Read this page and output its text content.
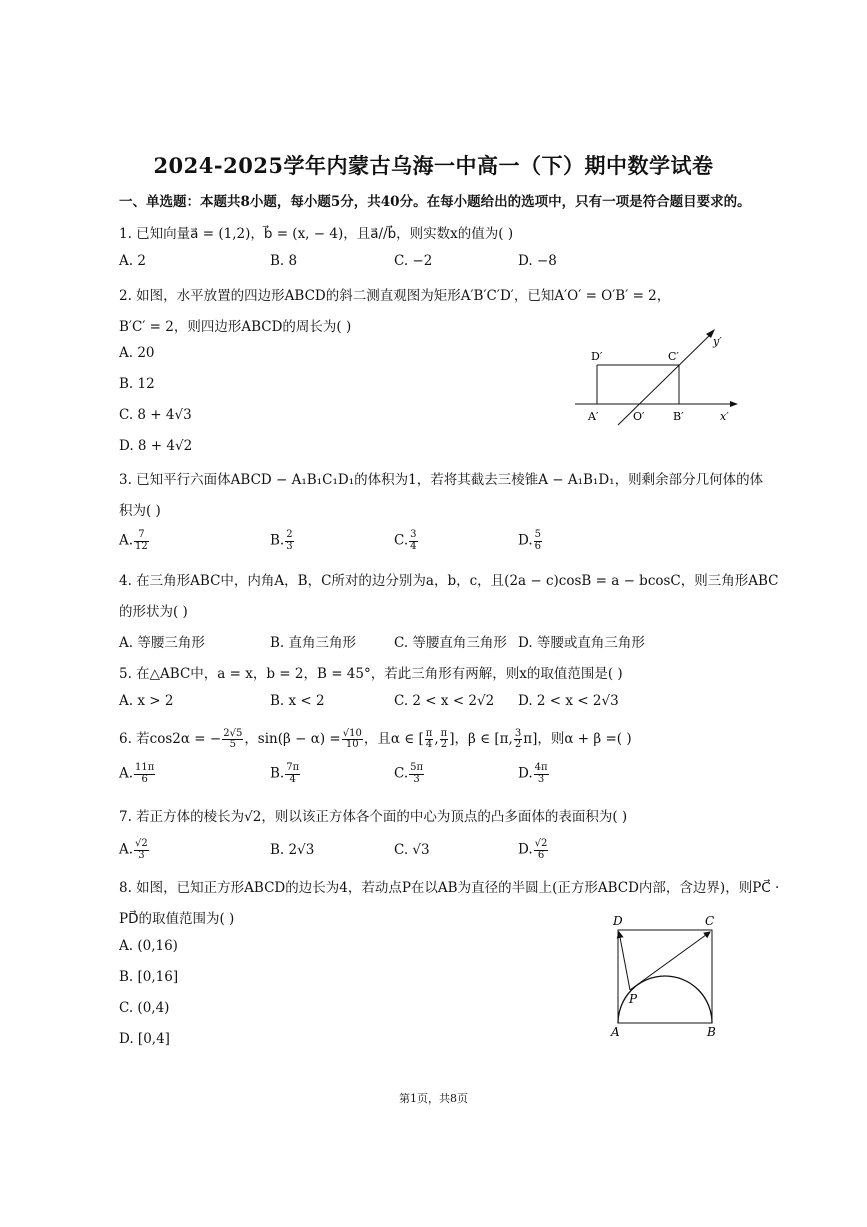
2024-2025学年内蒙古乌海一中高一（下）期中数学试卷
一、单选题：本题共8小题，每小题5分，共40分。在每小题给出的选项中，只有一项是符合题目要求的。
1. 已知向量a⃗ = (1,2)，b⃗ = (x, − 4)，且a⃗//b⃗，则实数x的值为( )
A. 2	B. 8	C. −2	D. −8
2. 如图，水平放置的四边形ABCD的斜二测直观图为矩形A′B′C′D′，已知A′O′ = O′B′ = 2，
B′C′ = 2，则四边形ABCD的周长为( )
A. 20
B. 12
C. 8 + 4√3
D. 8 + 4√2
D′	C′
y′
A′	O′	B′	x′
3. 已知平行六面体ABCD − A₁B₁C₁D₁的体积为1，若将其截去三棱锥A − A₁B₁D₁，则剩余部分几何体的体
积为( )
A. $\frac{7}{12}$	B. $\frac{2}{3}$	C. $\frac{3}{4}$	D. $\frac{5}{6}$
4. 在三角形ABC中，内角A，B，C所对的边分别为a，b，c，且(2a − c)cosB = a − bcosC，则三角形ABC
的形状为( )
A. 等腰三角形	B. 直角三角形	C. 等腰直角三角形 D. 等腰或直角三角形
5. 在△ABC中，a = x，b = 2，B = 45°，若此三角形有两解，则x的取值范围是( )
A. x > 2	B. x < 2	C. 2 < x < 2√2 D. 2 < x < 2√3
6. 若cos2α = − $\frac{2√5}{5}$ ，$\sin(\beta - \alpha) = \frac{√10}{10}$ ，且α ∈ [ $\frac{\pi}{4}$ , $\frac{\pi}{2}$ ]，β ∈ [π, $\frac{3}{2} \pi$]，则α + β =( )
A. $\frac{11\pi}{6}$	B. $\frac{7\pi}{4}$	C. $\frac{5\pi}{3}$	D. $\frac{4\pi}{3}$
7. 若正方体的棱长为√2，则以该正方体各个面的中心为顶点的凸多面体的表面积为( )
A. $\frac{√2}{3}$	B. 2√3	C. √3	D. $\frac{√2}{6}$
8. 如图，已知正方形ABCD的边长为4，若动点P在以AB为直径的半圆上(正方形ABCD内部，含边界)，则PC⃗ ·
PD⃗的取值范围为( )
A. (0,16)
B. [0,16]
C. (0,4)
D. [0,4]
D	C
P
A	B
第1页，共8页
